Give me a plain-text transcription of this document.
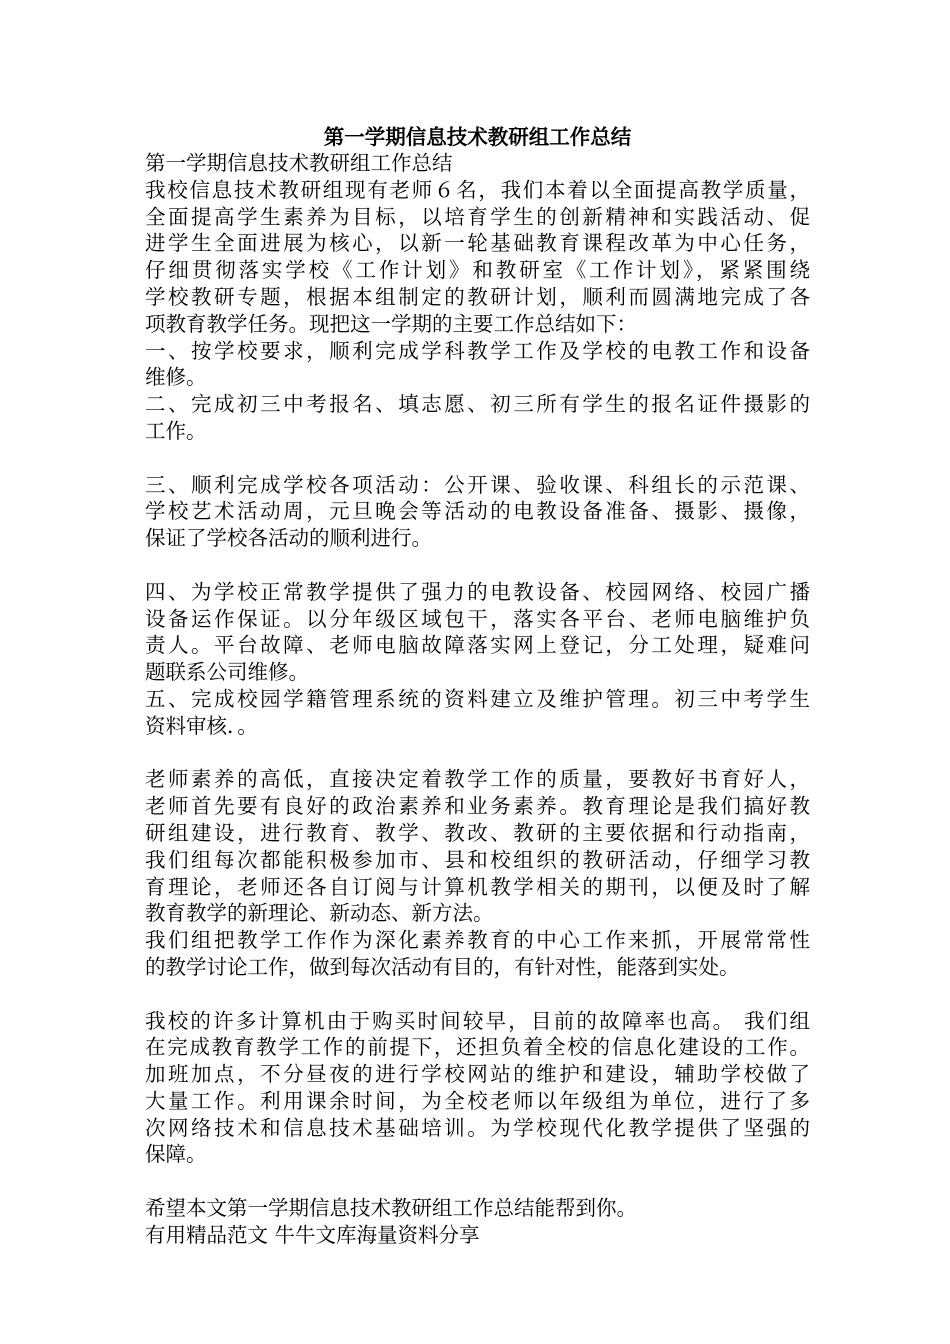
第一学期信息技术教研组工作总结

第一学期信息技术教研组工作总结

我校信息技术教研组现有老师６名，我们本着以全面提高教学质量，

全面提高学生素养为目标，以培育学生的创新精神和实践活动、促

进学生全面进展为核心，以新一轮基础教育课程改革为中心任务，

仔细贯彻落实学校《工作计划》和教研室《工作计划》，紧紧围绕

学校教研专题，根据本组制定的教研计划，顺利而圆满地完成了各

项教育教学任务。现把这一学期的主要工作总结如下：

一、按学校要求，顺利完成学科教学工作及学校的电教工作和设备

维修。

二、完成初三中考报名、填志愿、初三所有学生的报名证件摄影的

工作。

三、顺利完成学校各项活动：公开课、验收课、科组长的示范课、

学校艺术活动周，元旦晚会等活动的电教设备准备、摄影、摄像，

保证了学校各活动的顺利进行。

四、为学校正常教学提供了强力的电教设备、校园网络、校园广播

设备运作保证。以分年级区域包干，落实各平台、老师电脑维护负

责人。平台故障、老师电脑故障落实网上登记，分工处理，疑难问

题联系公司维修。

五、完成校园学籍管理系统的资料建立及维护管理。初三中考学生

资料审核．。

老师素养的高低，直接决定着教学工作的质量，要教好书育好人，

老师首先要有良好的政治素养和业务素养。教育理论是我们搞好教

研组建设，进行教育、教学、教改、教研的主要依据和行动指南，

我们组每次都能积极参加市、县和校组织的教研活动，仔细学习教

育理论，老师还各自订阅与计算机教学相关的期刊，以便及时了解

教育教学的新理论、新动态、新方法。

我们组把教学工作作为深化素养教育的中心工作来抓，开展常常性

的教学讨论工作，做到每次活动有目的，有针对性，能落到实处。

我校的许多计算机由于购买时间较早，目前的故障率也高。 我们组

在完成教育教学工作的前提下，还担负着全校的信息化建设的工作。

加班加点，不分昼夜的进行学校网站的维护和建设，辅助学校做了

大量工作。利用课余时间，为全校老师以年级组为单位，进行了多

次网络技术和信息技术基础培训。为学校现代化教学提供了坚强的

保障。

希望本文第一学期信息技术教研组工作总结能帮到你。

有用精品范文 牛牛文库海量资料分享
